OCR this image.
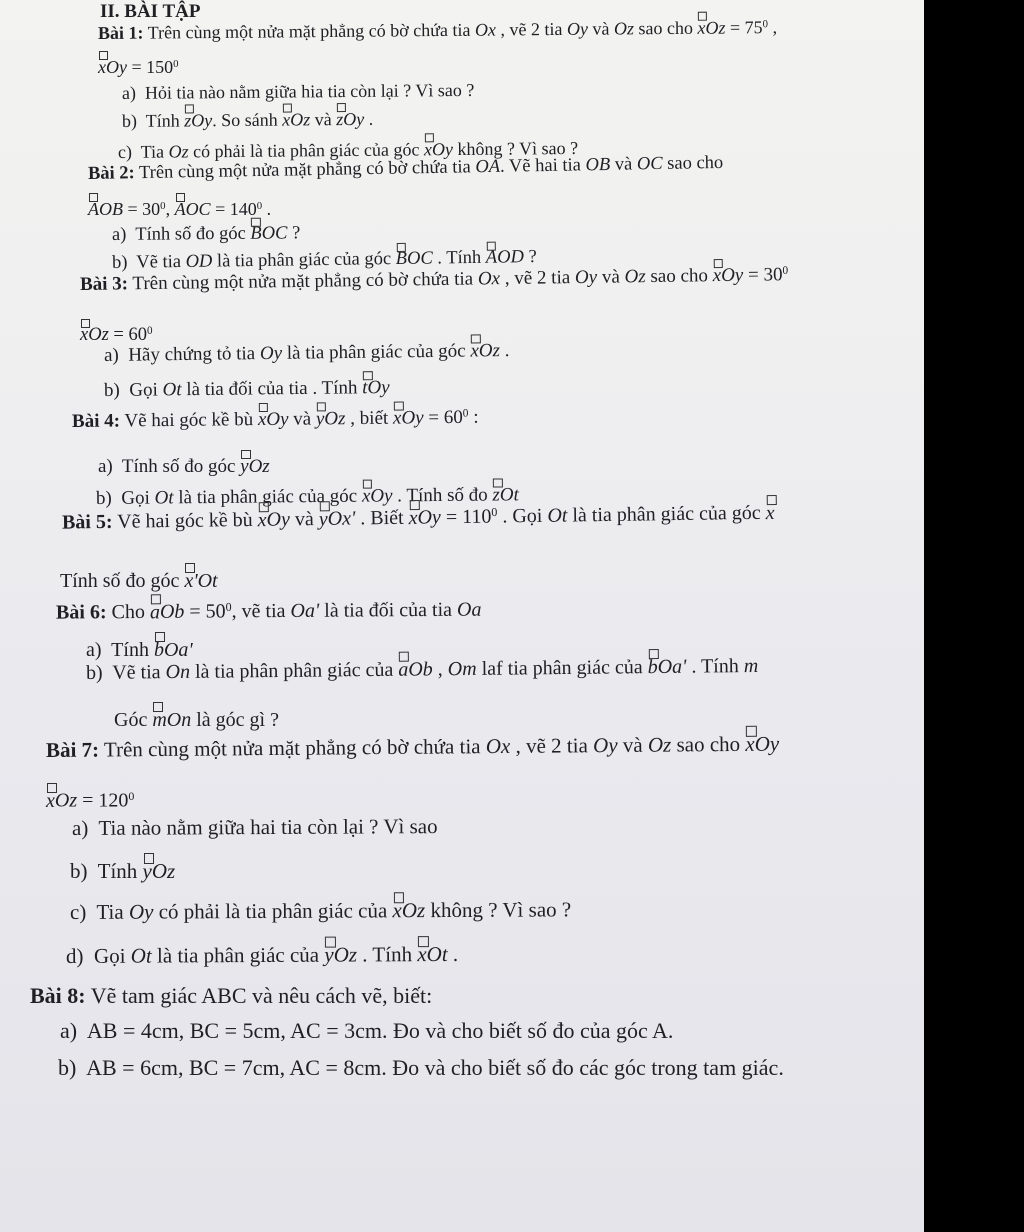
II. BÀI TẬP
Bài 1: Trên cùng một nửa mặt phẳng có bờ chứa tia Ox , vẽ 2 tia Oy và Oz sao cho xOz = $75^0$ ,
xOy = $150^0$
a)  Hỏi tia nào nằm giữa hia tia còn lại ? Vì sao ?
b)  Tính zOy. So sánh xOz và zOy .
c)  Tia Oz có phải là tia phân giác của góc xOy không ? Vì sao ?
Bài 2: Trên cùng một nửa mặt phẳng có bờ chứa tia OA. Vẽ hai tia OB và OC sao cho
AOB = $30^0$, AOC = $140^0$ .
a)  Tính số đo góc BOC ?
b)  Vẽ tia OD là tia phân giác của góc BOC . Tính AOD ?
Bài 3: Trên cùng một nửa mặt phẳng có bờ chứa tia Ox , vẽ 2 tia Oy và Oz sao cho xOy = $30^0$
xOz = $60^0$
a)  Hãy chứng tỏ tia Oy là tia phân giác của góc xOz .
b)  Gọi Ot là tia đối của tia . Tính tOy
Bài 4: Vẽ hai góc kề bù xOy và yOz , biết xOy = $60^0$ :
a)  Tính số đo góc yOz
b)  Gọi Ot là tia phân giác của góc xOy . Tính số đo zOt
Bài 5: Vẽ hai góc kề bù xOy và yOx' . Biết xOy = $110^0$ . Gọi Ot là tia phân giác của góc x
Tính số đo góc x'Ot
Bài 6: Cho aOb = $50^0$, vẽ tia Oa' là tia đối của tia Oa
a)  Tính bOa'
b)  Vẽ tia On là tia phân phân giác của aOb , Om laf tia phân giác của bOa' . Tính m
Góc mOn là góc gì ?
Bài 7: Trên cùng một nửa mặt phẳng có bờ chứa tia Ox , vẽ 2 tia Oy và Oz sao cho xOy
xOz = $120^0$
a)  Tia nào nằm giữa hai tia còn lại ? Vì sao
b)  Tính yOz
c)  Tia Oy có phải là tia phân giác của xOz không ? Vì sao ?
d)  Gọi Ot là tia phân giác của yOz . Tính xOt .
Bài 8: Vẽ tam giác ABC và nêu cách vẽ, biết:
a)  AB = 4cm, BC = 5cm, AC = 3cm. Đo và cho biết số đo của góc A.
b)  AB = 6cm, BC = 7cm, AC = 8cm. Đo và cho biết số đo các góc trong tam giác.
